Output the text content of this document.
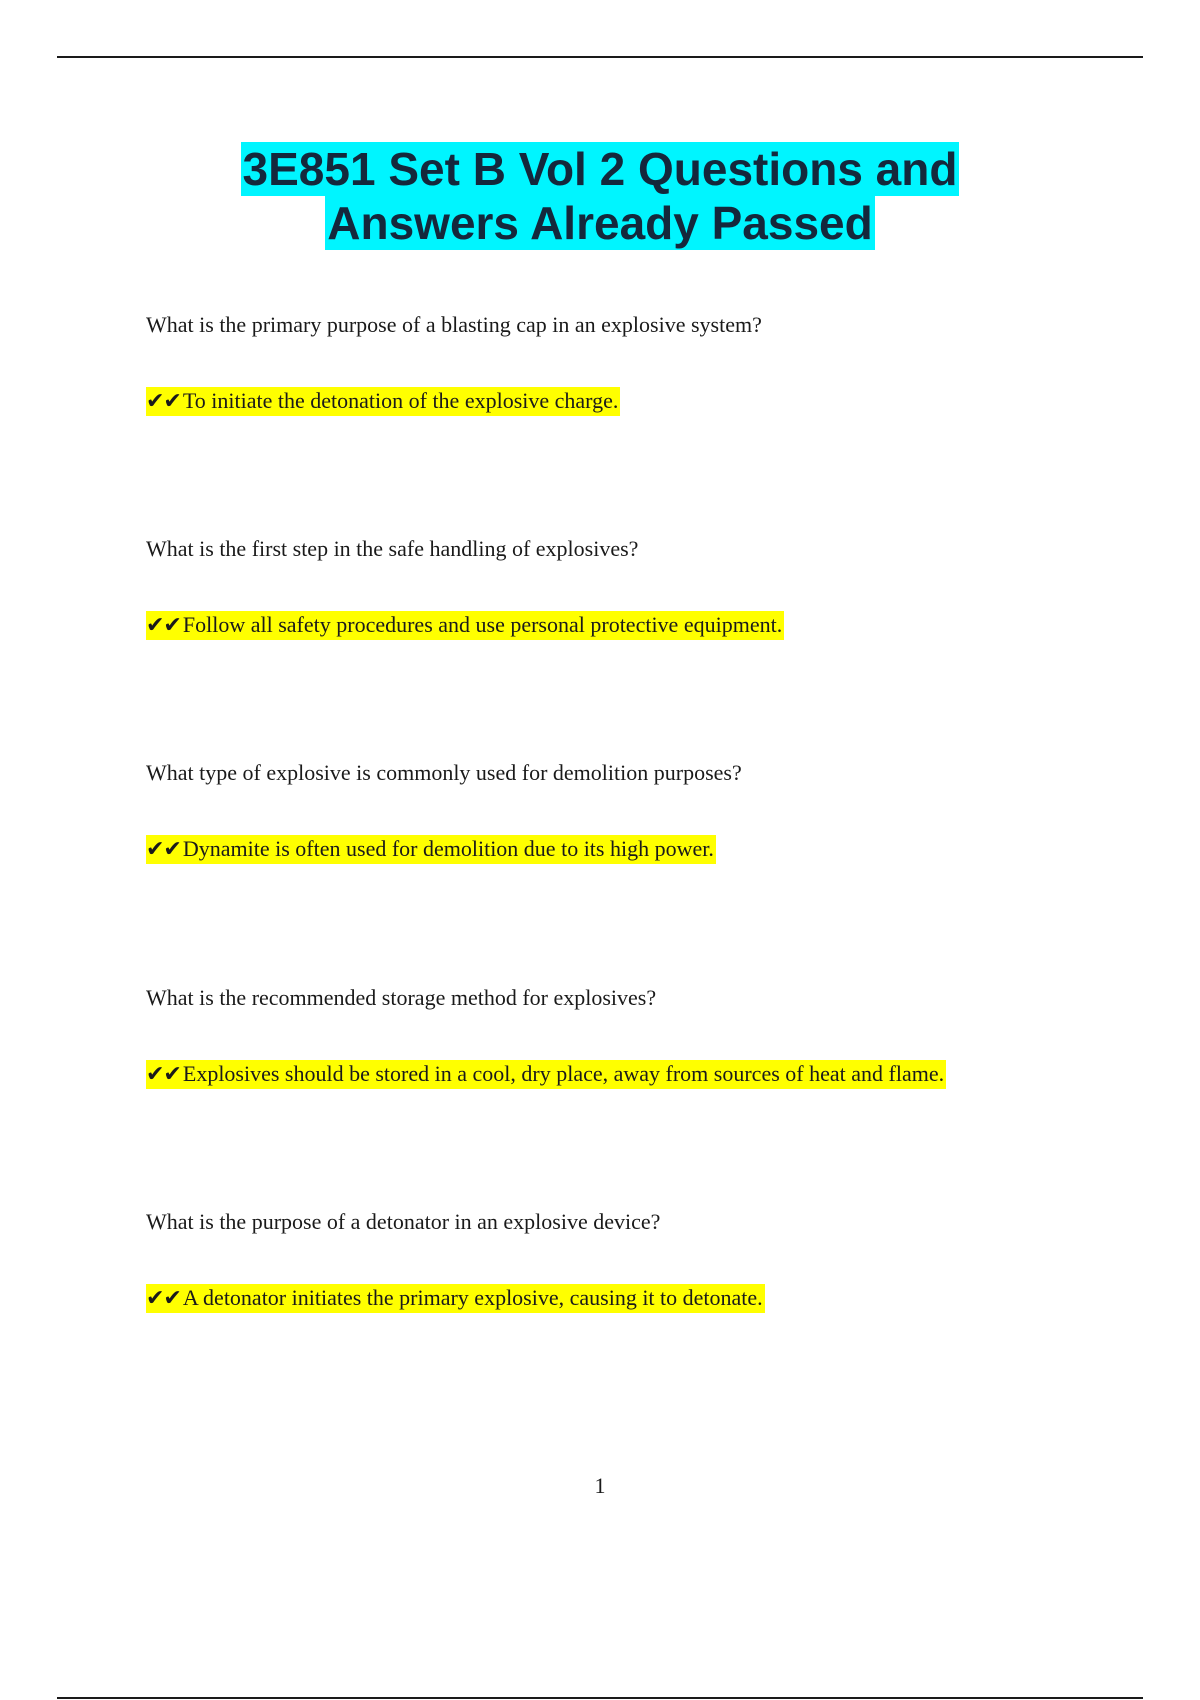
3E851 Set B Vol 2 Questions and
Answers Already Passed

What is the primary purpose of a blasting cap in an explosive system?

✔✔To initiate the detonation of the explosive charge.

What is the first step in the safe handling of explosives?

✔✔Follow all safety procedures and use personal protective equipment.

What type of explosive is commonly used for demolition purposes?

✔✔Dynamite is often used for demolition due to its high power.

What is the recommended storage method for explosives?

✔✔Explosives should be stored in a cool, dry place, away from sources of heat and flame.

What is the purpose of a detonator in an explosive device?

✔✔A detonator initiates the primary explosive, causing it to detonate.
1
